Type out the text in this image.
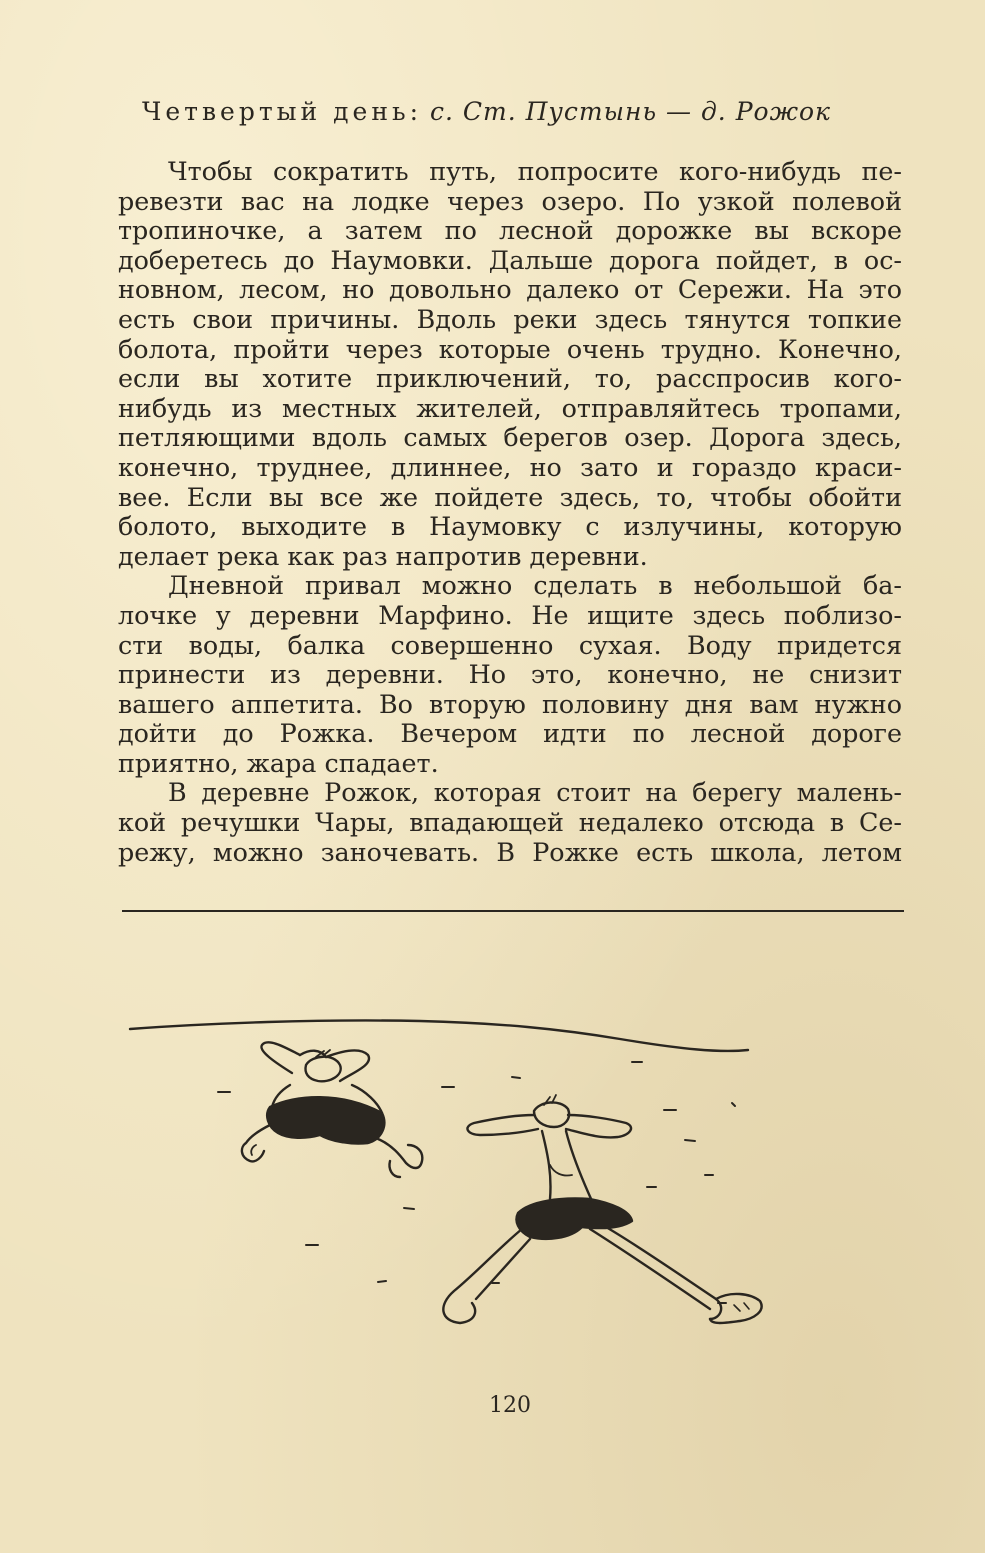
Четвертый день: с. Ст. Пустынь — д. Рожок
Чтобы сократить путь, попросите кого-нибудь пе-
ревезти вас на лодке через озеро. По узкой полевой
тропиночке, а затем по лесной дорожке вы вскоре
доберетесь до Наумовки. Дальше дорога пойдет, в ос-
новном, лесом, но довольно далеко от Сережи. На это
есть свои причины. Вдоль реки здесь тянутся топкие
болота, пройти через которые очень трудно. Конечно,
если вы хотите приключений, то, расспросив кого-
нибудь из местных жителей, отправляйтесь тропами,
петляющими вдоль самых берегов озер. Дорога здесь,
конечно, труднее, длиннее, но зато и гораздо краси-
вее. Если вы все же пойдете здесь, то, чтобы обойти
болото, выходите в Наумовку с излучины, которую
делает река как раз напротив деревни.
Дневной привал можно сделать в небольшой ба-
лочке у деревни Марфино. Не ищите здесь поблизо-
сти воды, балка совершенно сухая. Воду придется
принести из деревни. Но это, конечно, не снизит
вашего аппетита. Во вторую половину дня вам нужно
дойти до Рожка. Вечером идти по лесной дороге
приятно, жара спадает.
В деревне Рожок, которая стоит на берегу малень-
кой речушки Чары, впадающей недалеко отсюда в Се-
режу, можно заночевать. В Рожке есть школа, летом
120
